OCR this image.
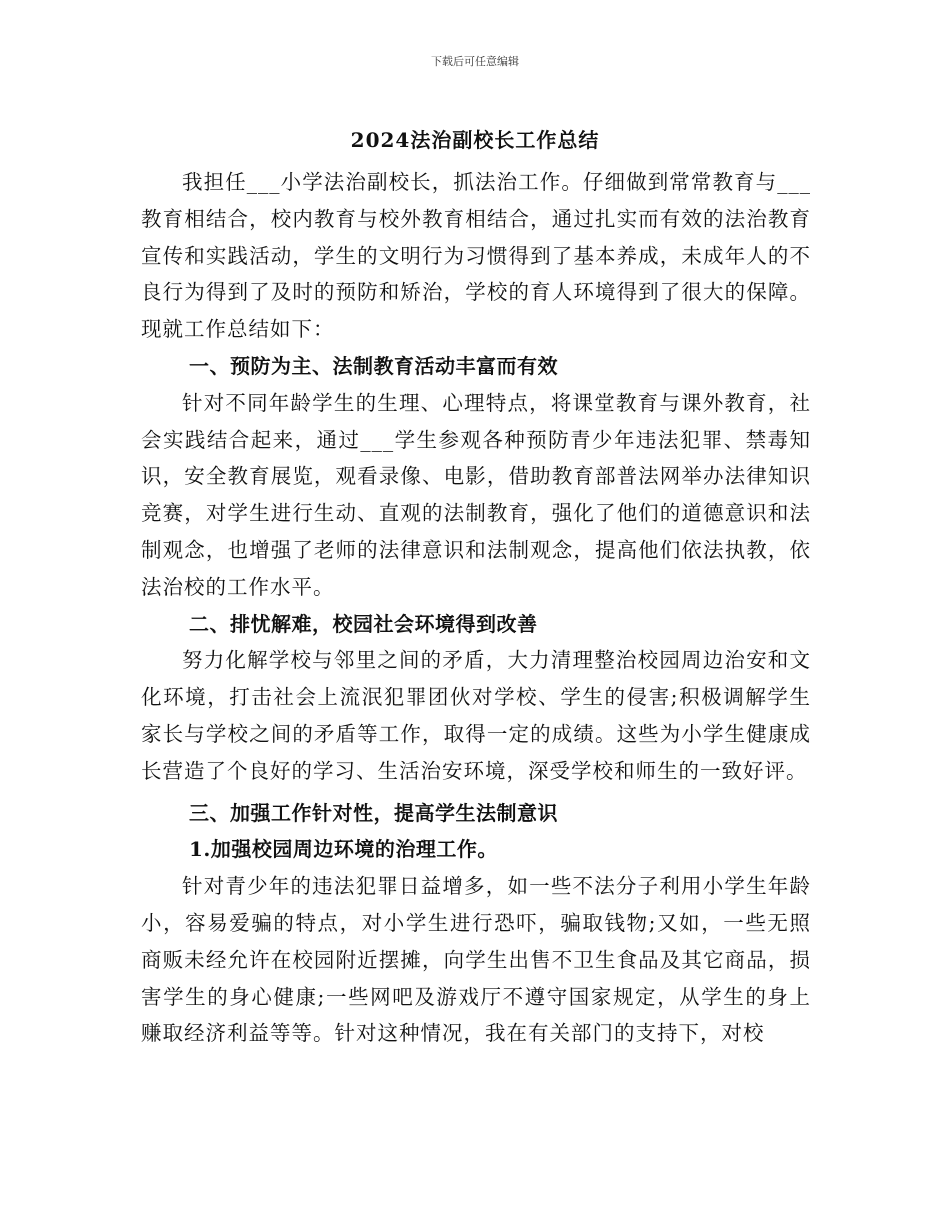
下载后可任意编辑
2024法治副校长工作总结

我担任___小学法治副校长，抓法治工作。仔细做到常常教育与___教育相结合，校内教育与校外教育相结合，通过扎实而有效的法治教育宣传和实践活动，学生的文明行为习惯得到了基本养成，未成年人的不良行为得到了及时的预防和矫治，学校的育人环境得到了很大的保障。现就工作总结如下：

一、预防为主、法制教育活动丰富而有效

针对不同年龄学生的生理、心理特点，将课堂教育与课外教育，社会实践结合起来，通过___学生参观各种预防青少年违法犯罪、禁毒知识，安全教育展览，观看录像、电影，借助教育部普法网举办法律知识竞赛，对学生进行生动、直观的法制教育，强化了他们的道德意识和法制观念，也增强了老师的法律意识和法制观念，提高他们依法执教，依法治校的工作水平。

二、排忧解难，校园社会环境得到改善

努力化解学校与邻里之间的矛盾，大力清理整治校园周边治安和文化环境，打击社会上流泯犯罪团伙对学校、学生的侵害;积极调解学生家长与学校之间的矛盾等工作，取得一定的成绩。这些为小学生健康成长营造了个良好的学习、生活治安环境，深受学校和师生的一致好评。

三、加强工作针对性，提高学生法制意识

1.加强校园周边环境的治理工作。

针对青少年的违法犯罪日益增多，如一些不法分子利用小学生年龄小，容易爱骗的特点，对小学生进行恐吓，骗取钱物;又如，一些无照商贩未经允许在校园附近摆摊，向学生出售不卫生食品及其它商品，损害学生的身心健康;一些网吧及游戏厅不遵守国家规定，从学生的身上赚取经济利益等等。针对这种情况，我在有关部门的支持下，对校
